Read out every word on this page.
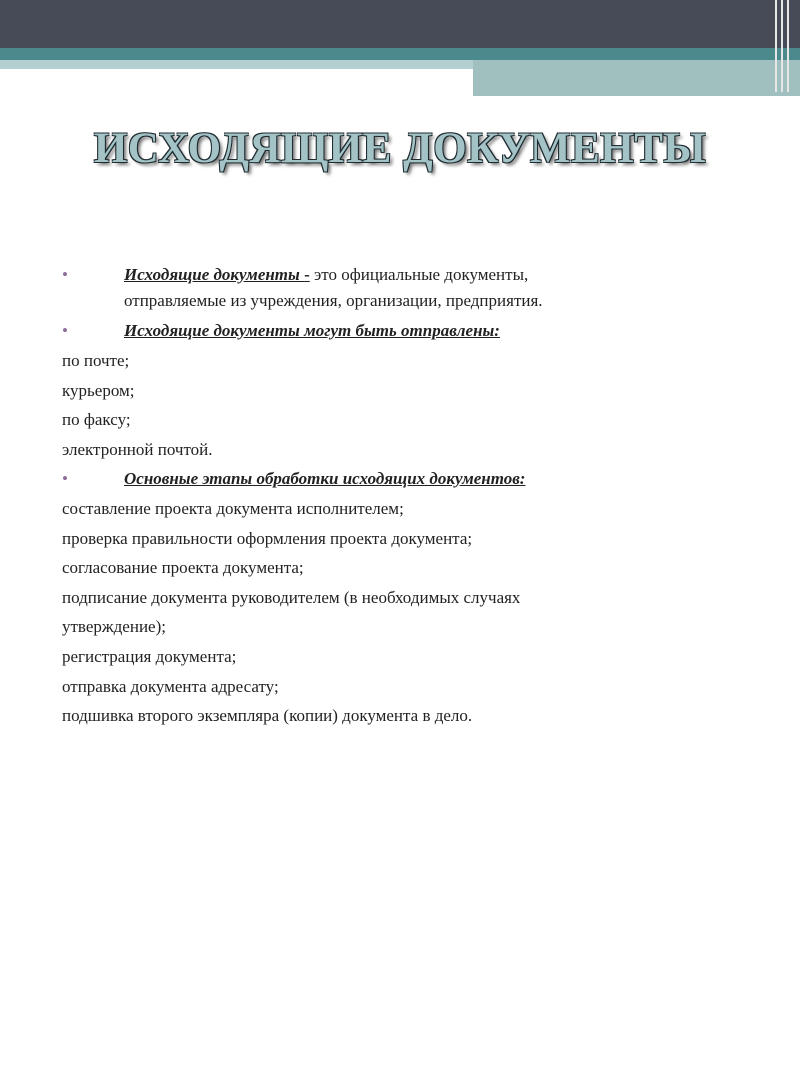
ИСХОДЯЩИЕ ДОКУМЕНТЫ
•	Исходящие документы - это официальные документы,
отправляемые из учреждения, организации, предприятия.
•	Исходящие документы могут быть отправлены:
по почте;
курьером;
по факсу;
электронной почтой.
•	Основные этапы обработки исходящих документов:
составление проекта документа исполнителем;
проверка правильности оформления проекта документа;
согласование проекта документа;
подписание документа руководителем (в необходимых случаях
утверждение);
регистрация документа;
отправка документа адресату;
подшивка второго экземпляра (копии) документа в дело.
